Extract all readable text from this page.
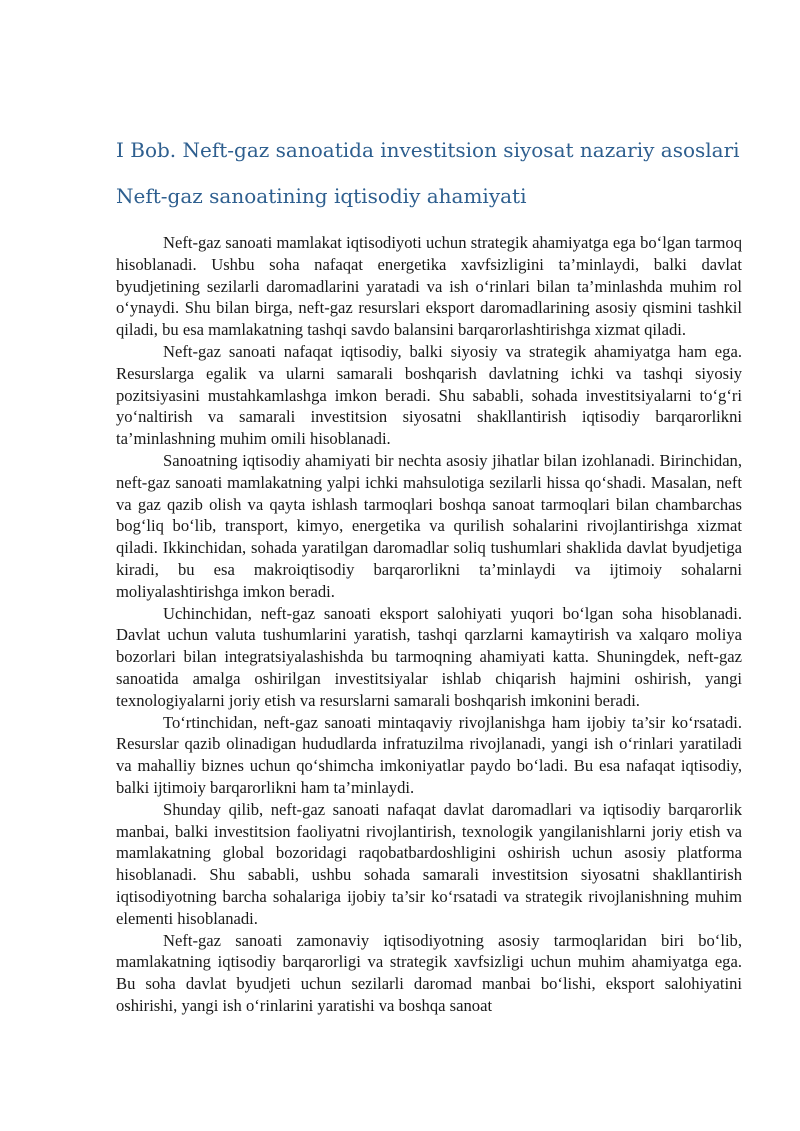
I Bob. Neft-gaz sanoatida investitsion siyosat nazariy asoslari
Neft-gaz sanoatining iqtisodiy ahamiyati

Neft-gaz sanoati mamlakat iqtisodiyoti uchun strategik ahamiyatga ega bo‘lgan tarmoq hisoblanadi. Ushbu soha nafaqat energetika xavfsizligini ta’minlaydi, balki davlat byudjetining sezilarli daromadlarini yaratadi va ish o‘rinlari bilan ta’minlashda muhim rol o‘ynaydi. Shu bilan birga, neft-gaz resurslari eksport daromadlarining asosiy qismini tashkil qiladi, bu esa mamlakatning tashqi savdo balansini barqarorlashtirishga xizmat qiladi.

Neft-gaz sanoati nafaqat iqtisodiy, balki siyosiy va strategik ahamiyatga ham ega. Resurslarga egalik va ularni samarali boshqarish davlatning ichki va tashqi siyosiy pozitsiyasini mustahkamlashga imkon beradi. Shu sababli, sohada investitsiyalarni to‘g‘ri yo‘naltirish va samarali investitsion siyosatni shakllantirish iqtisodiy barqarorlikni ta’minlashning muhim omili hisoblanadi.

Sanoatning iqtisodiy ahamiyati bir nechta asosiy jihatlar bilan izohlanadi. Birinchidan, neft-gaz sanoati mamlakatning yalpi ichki mahsulotiga sezilarli hissa qo‘shadi. Masalan, neft va gaz qazib olish va qayta ishlash tarmoqlari boshqa sanoat tarmoqlari bilan chambarchas bog‘liq bo‘lib, transport, kimyo, energetika va qurilish sohalarini rivojlantirishga xizmat qiladi. Ikkinchidan, sohada yaratilgan daromadlar soliq tushumlari shaklida davlat byudjetiga kiradi, bu esa makroiqtisodiy barqarorlikni ta’minlaydi va ijtimoiy sohalarni moliyalashtirishga imkon beradi.

Uchinchidan, neft-gaz sanoati eksport salohiyati yuqori bo‘lgan soha hisoblanadi. Davlat uchun valuta tushumlarini yaratish, tashqi qarzlarni kamaytirish va xalqaro moliya bozorlari bilan integratsiyalashishda bu tarmoqning ahamiyati katta. Shuningdek, neft-gaz sanoatida amalga oshirilgan investitsiyalar ishlab chiqarish hajmini oshirish, yangi texnologiyalarni joriy etish va resurslarni samarali boshqarish imkonini beradi.

To‘rtinchidan, neft-gaz sanoati mintaqaviy rivojlanishga ham ijobiy ta’sir ko‘rsatadi. Resurslar qazib olinadigan hududlarda infratuzilma rivojlanadi, yangi ish o‘rinlari yaratiladi va mahalliy biznes uchun qo‘shimcha imkoniyatlar paydo bo‘ladi. Bu esa nafaqat iqtisodiy, balki ijtimoiy barqarorlikni ham ta’minlaydi.

Shunday qilib, neft-gaz sanoati nafaqat davlat daromadlari va iqtisodiy barqarorlik manbai, balki investitsion faoliyatni rivojlantirish, texnologik yangilanishlarni joriy etish va mamlakatning global bozoridagi raqobatbardoshligini oshirish uchun asosiy platforma hisoblanadi. Shu sababli, ushbu sohada samarali investitsion siyosatni shakllantirish iqtisodiyotning barcha sohalariga ijobiy ta’sir ko‘rsatadi va strategik rivojlanishning muhim elementi hisoblanadi.

Neft-gaz sanoati zamonaviy iqtisodiyotning asosiy tarmoqlaridan biri bo‘lib, mamlakatning iqtisodiy barqarorligi va strategik xavfsizligi uchun muhim ahamiyatga ega. Bu soha davlat byudjeti uchun sezilarli daromad manbai bo‘lishi, eksport salohiyatini oshirishi, yangi ish o‘rinlarini yaratishi va boshqa sanoat
